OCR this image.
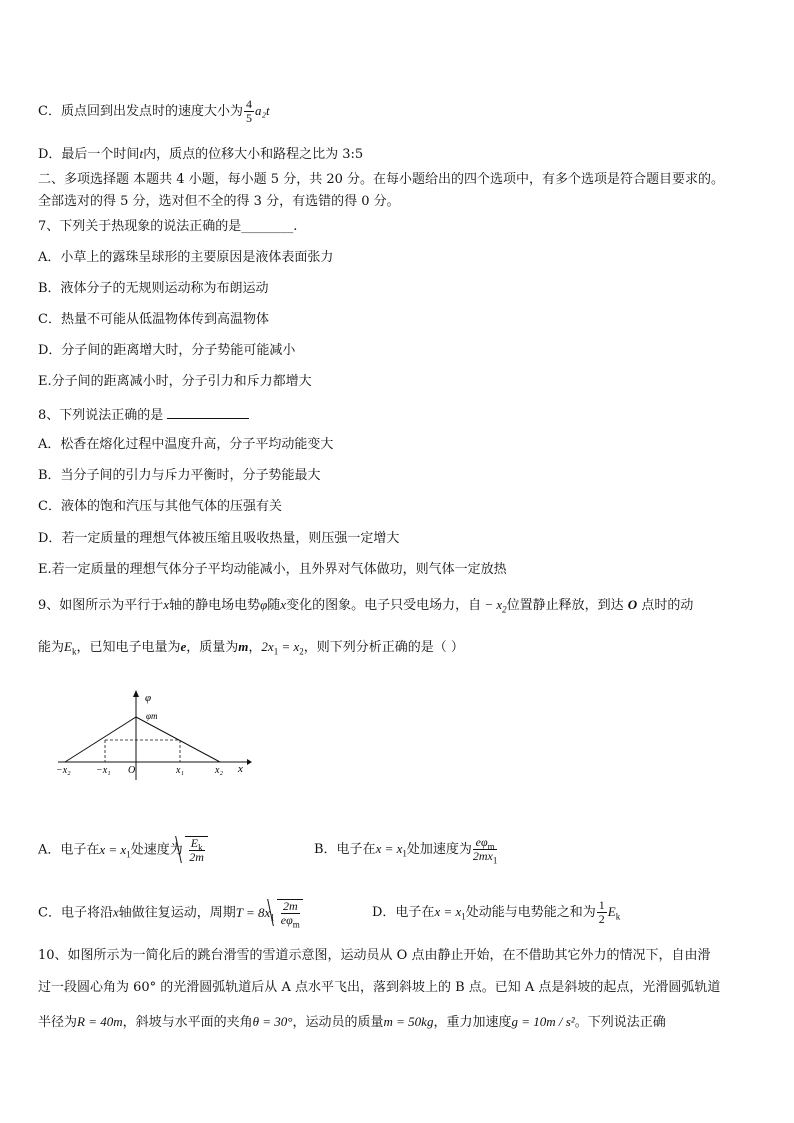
C．质点回到出发点时的速度大小为 $\frac{4}{5} a_2t$
D．最后一个时间t内，质点的位移大小和路程之比为 3:5
二、多项选择题 本题共 4 小题，每小题 5 分，共 20 分。在每小题给出的四个选项中，有多个选项是符合题目要求的。
全部选对的得 5 分，选对但不全的得 3 分，有选错的得 0 分。
7、下列关于热现象的说法正确的是________.
A．小草上的露珠呈球形的主要原因是液体表面张力
B．液体分子的无规则运动称为布朗运动
C．热量不可能从低温物体传到高温物体
D．分子间的距离增大时，分子势能可能减小
E.分子间的距离减小时，分子引力和斥力都增大
8、下列说法正确的是
A．松香在熔化过程中温度升高，分子平均动能变大
B．当分子间的引力与斥力平衡时，分子势能最大
C．液体的饱和汽压与其他气体的压强有关
D．若一定质量的理想气体被压缩且吸收热量，则压强一定增大
E.若一定质量的理想气体分子平均动能减小，且外界对气体做功，则气体一定放热
9、如图所示为平行于x轴的静电场电势φ随x变化的图象。电子只受电场力，自 − $x_2$位置静止释放，到达 O 点时的动
能为$E_k$，已知电子电量为e，质量为m，$2x_1 = x_2$，则下列分析正确的是（ ）
φ
φm
x
−x₂	−x₁ O	x₁	x₂
A．电子在$x = x_1$处速度为 $\frac{E_k}{2m}$	B．电子在$x = x_1$处加速度为 $\frac{e\varphi_m}{2mx_1}$
C．电子将沿x轴做往复运动，周期$T = 8x_1 \frac{2m}{e\varphi_m}$	D．电子在$x = x_1$处动能与电势能之和为 $\frac{1}{2} E_k$
10、如图所示为一简化后的跳台滑雪的雪道示意图，运动员从 O 点由静止开始，在不借助其它外力的情况下，自由滑
过一段圆心角为 60° 的光滑圆弧轨道后从 A 点水平飞出，落到斜坡上的 B 点。已知 A 点是斜坡的起点，光滑圆弧轨道
半径为R = 40m，斜坡与水平面的夹角θ = 30°，运动员的质量m = 50kg，重力加速度g = 10m / s²。下列说法正确
